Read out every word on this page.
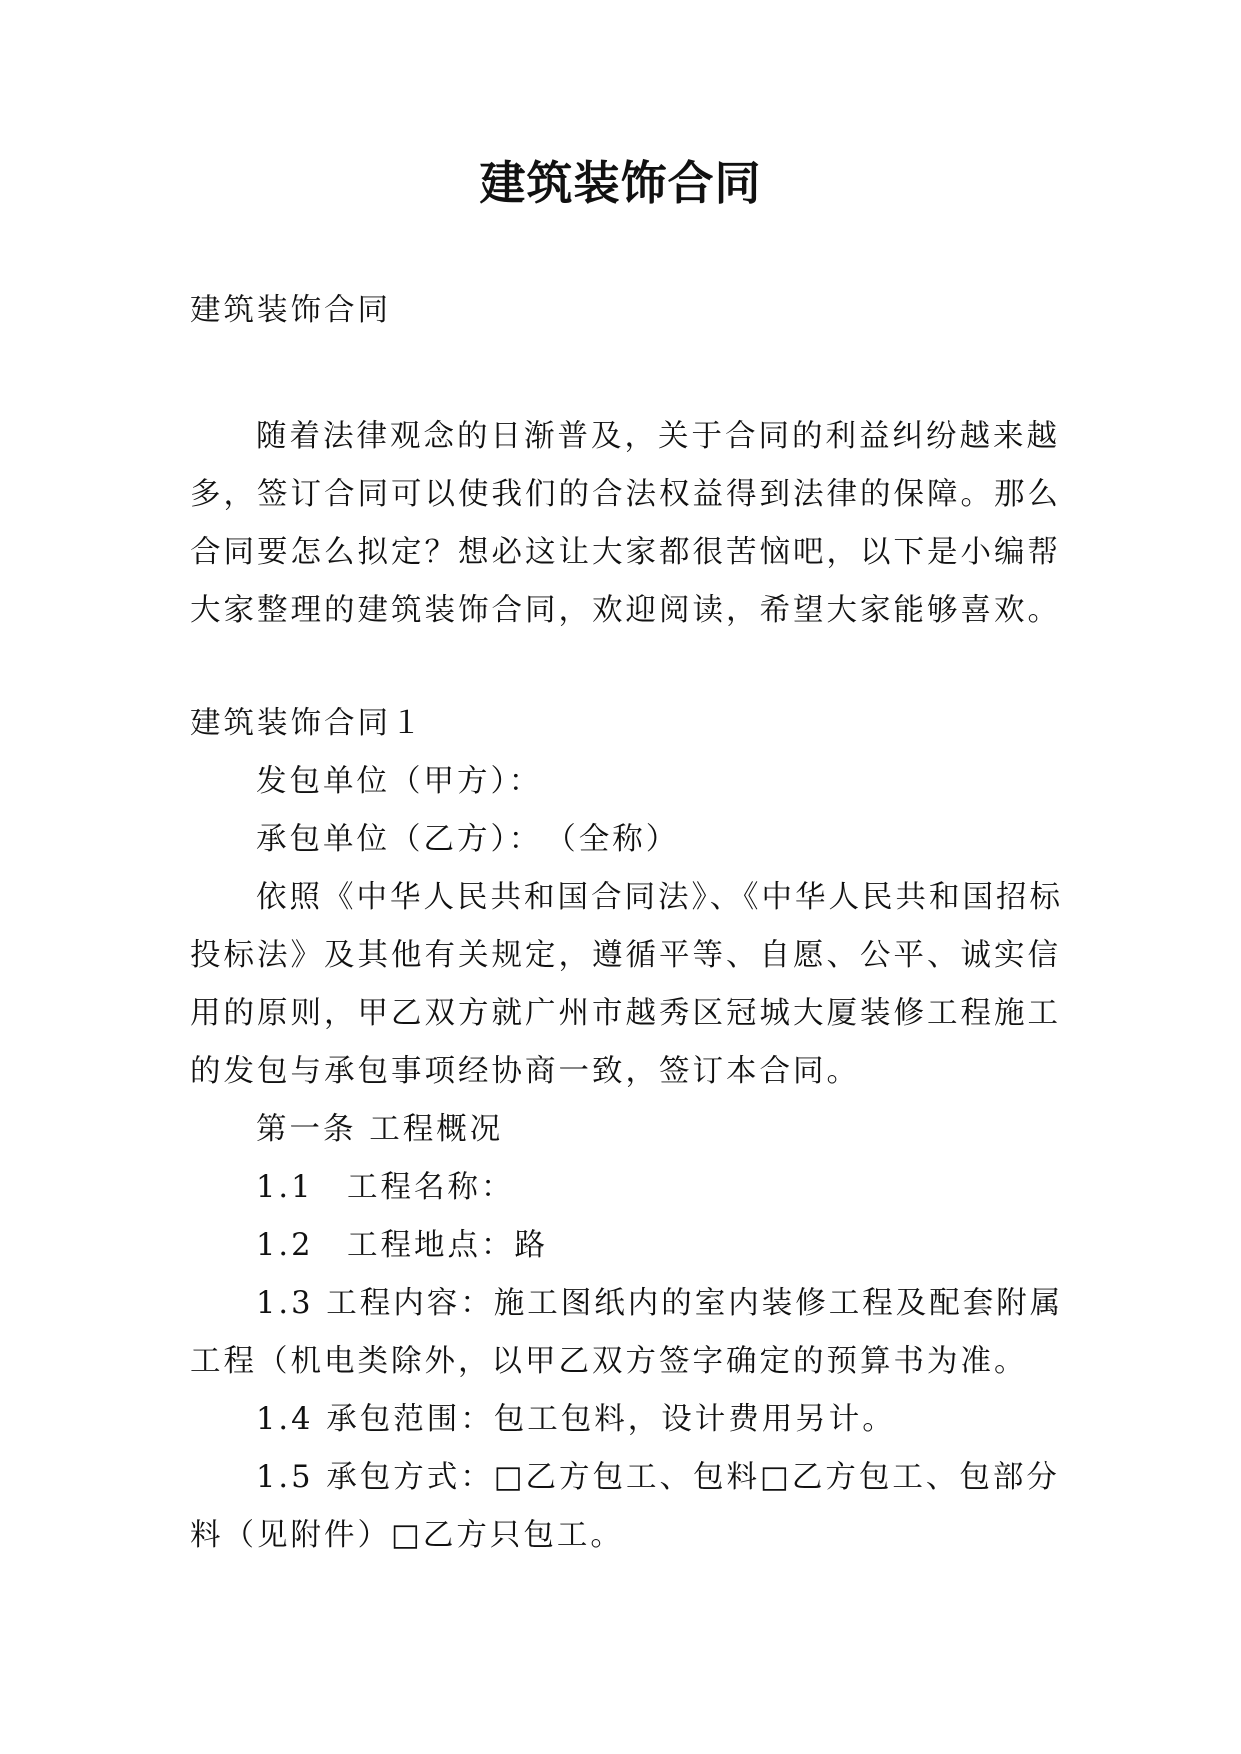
建筑装饰合同

建筑装饰合同

随着法律观念的日渐普及，关于合同的利益纠纷越来越
多，签订合同可以使我们的合法权益得到法律的保障。那么
合同要怎么拟定？想必这让大家都很苦恼吧，以下是小编帮
大家整理的建筑装饰合同，欢迎阅读，希望大家能够喜欢。
建筑装饰合同１
发包单位（甲方）：
承包单位（乙方）：　（全称）
依照《中华人民共和国合同法》、《中华人民共和国招标
投标法》及其他有关规定，遵循平等、自愿、公平、诚实信
用的原则，甲乙双方就广州市越秀区冠城大厦装修工程施工
的发包与承包事项经协商一致，签订本合同。
第一条 工程概况
1.1　工程名称：
1.2　工程地点：路
1.3 工程内容：施工图纸内的室内装修工程及配套附属
工程（机电类除外，以甲乙双方签字确定的预算书为准。
1.4 承包范围：包工包料，设计费用另计。
1.5 承包方式：□乙方包工、包料□乙方包工、包部分
料（见附件）□乙方只包工。
